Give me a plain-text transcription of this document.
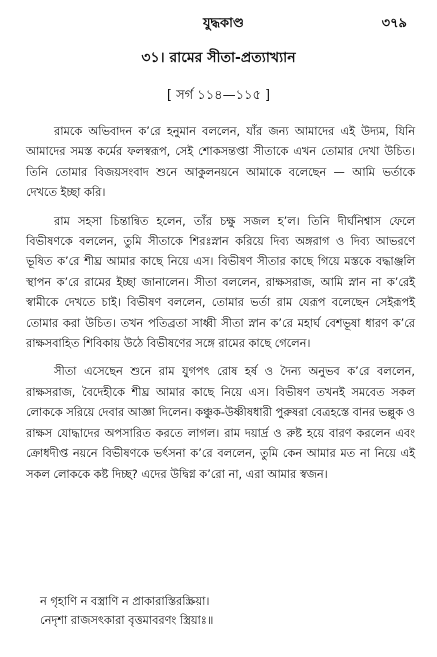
যুদ্ধকাণ্ড	৩৭৯
৩১। রামের সীতা-প্রত্যাখ্যান
[ সর্গ ১১৪—১১৫ ]

রামকে অভিবাদন ক’রে হনুমান বললেন, যাঁর জন্য আমাদের এই উদ্যম, যিনি আমাদের সমস্ত কর্মের ফলস্বরূপ, সেই শোকসন্তপ্তা সীতাকে এখন তোমার দেখা উচিত। তিনি তোমার বিজয়সংবাদ শুনে আকুলনয়নে আমাকে বলেছেন — আমি ভর্তাকে দেখতে ইচ্ছা করি।

রাম সহসা চিন্তান্বিত হলেন, তাঁর চক্ষু সজল হ’ল। তিনি দীর্ঘনিশ্বাস ফেলে বিভীষণকে বললেন, তুমি সীতাকে শিরঃস্নান করিয়ে দিব্য অঙ্গরাগ ও দিব্য আভরণে ভূষিত ক’রে শীঘ্র আমার কাছে নিয়ে এস। বিভীষণ সীতার কাছে গিয়ে মস্তকে বদ্ধাঞ্জলি স্থাপন ক’রে রামের ইচ্ছা জানালেন। সীতা বললেন, রাক্ষসরাজ, আমি স্নান না ক’রেই স্বামীকে দেখতে চাই। বিভীষণ বললেন, তোমার ভর্তা রাম যেরূপ বলেছেন সেইরূপই তোমার করা উচিত। তখন পতিব্রতা সাধ্বী সীতা স্নান ক’রে মহার্ঘ বেশভূষা ধারণ ক’রে রাক্ষসবাহিত শিবিকায় উঠে বিভীষণের সঙ্গে রামের কাছে গেলেন।

সীতা এসেছেন শুনে রাম যুগপৎ রোষ হর্ষ ও দৈন্য অনুভব ক’রে বললেন, রাক্ষসরাজ, বৈদেহীকে শীঘ্র আমার কাছে নিয়ে এস। বিভীষণ তখনই সমবেত সকল লোককে সরিয়ে দেবার আজ্ঞা দিলেন। কঞ্চুক-উষ্ণীষধারী পুরুষরা বেত্রহস্তে বানর ভল্লুক ও রাক্ষস যোদ্ধাদের অপসারিত করতে লাগল। রাম দয়ার্দ্র ও রুষ্ট হয়ে বারণ করলেন এবং ক্রোধদীপ্ত নয়নে বিভীষণকে ভর্ৎসনা ক’রে বললেন, তুমি কেন আমার মত না নিয়ে এই সকল লোককে কষ্ট দিচ্ছ? এদের উদ্বিগ্ন ক’রো না, এরা আমার স্বজন।

ন গৃহাণি ন বস্ত্রাণি ন প্রাকারাস্তিরস্ক্রিয়া।
নেদৃশা রাজসৎকারা বৃত্তমাবরণং স্ত্রিয়াঃ॥
